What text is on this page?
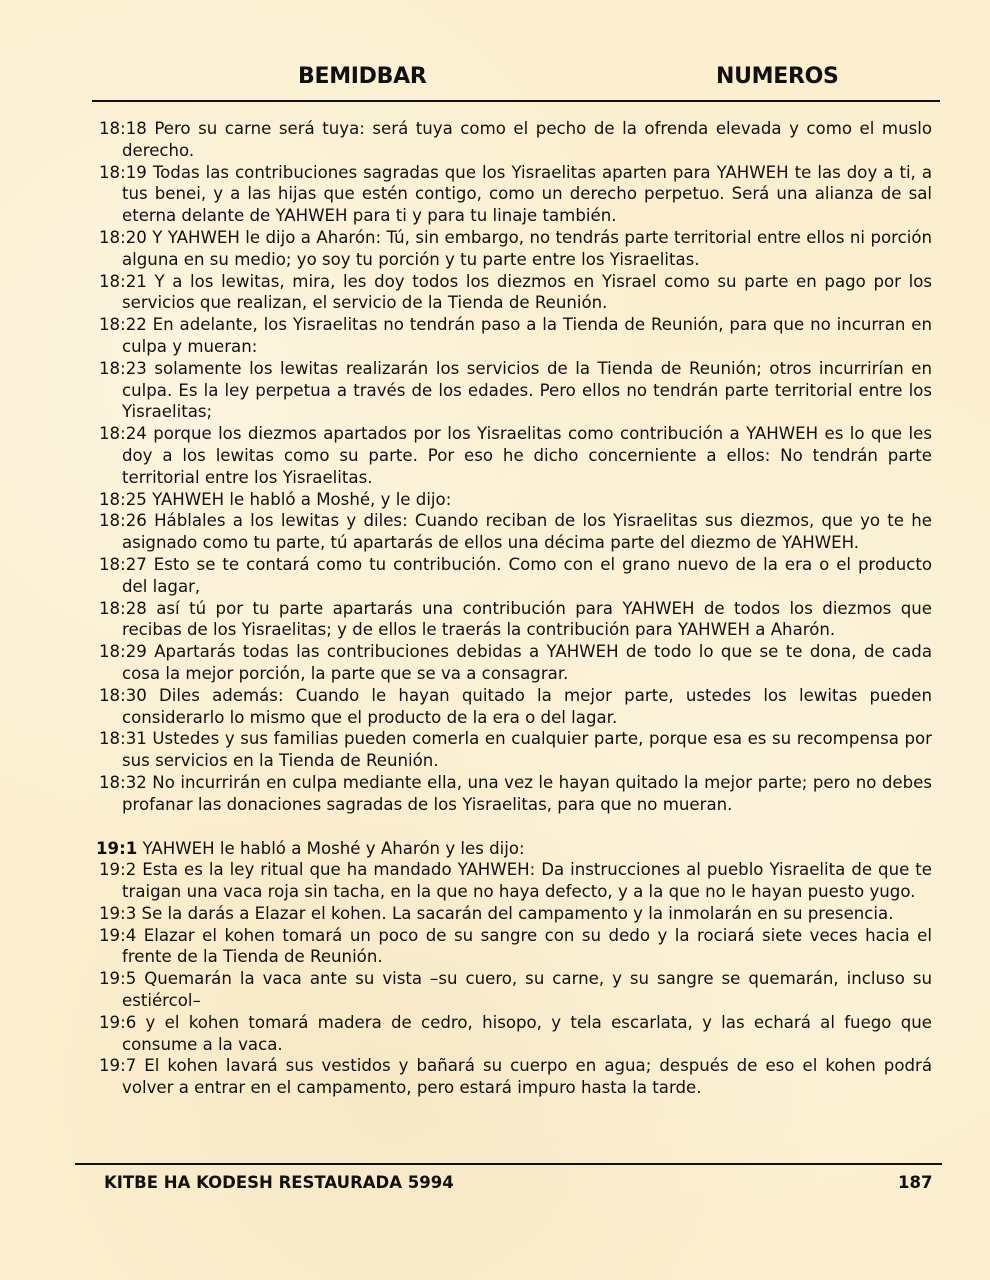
BEMIDBAR	NUMEROS

18:18 Pero su carne será tuya: será tuya como el pecho de la ofrenda elevada y como el muslo derecho.

18:19 Todas las contribuciones sagradas que los Yisraelitas aparten para YAHWEH te las doy a ti, a tus benei, y a las hijas que estén contigo, como un derecho perpetuo. Será una alianza de sal eterna delante de YAHWEH para ti y para tu linaje también.

18:20 Y YAHWEH le dijo a Aharón: Tú, sin embargo, no tendrás parte territorial entre ellos ni porción alguna en su medio; yo soy tu porción y tu parte entre los Yisraelitas.

18:21 Y a los lewitas, mira, les doy todos los diezmos en Yisrael como su parte en pago por los servicios que realizan, el servicio de la Tienda de Reunión.

18:22 En adelante, los Yisraelitas no tendrán paso a la Tienda de Reunión, para que no incurran en culpa y mueran:

18:23 solamente los lewitas realizarán los servicios de la Tienda de Reunión; otros incurrirían en culpa. Es la ley perpetua a través de los edades. Pero ellos no tendrán parte territorial entre los Yisraelitas;

18:24 porque los diezmos apartados por los Yisraelitas como contribución a YAHWEH es lo que les doy a los lewitas como su parte. Por eso he dicho concerniente a ellos: No tendrán parte territorial entre los Yisraelitas.

18:25 YAHWEH le habló a Moshé, y le dijo:

18:26 Háblales a los lewitas y diles: Cuando reciban de los Yisraelitas sus diezmos, que yo te he asignado como tu parte, tú apartarás de ellos una décima parte del diezmo de YAHWEH.

18:27 Esto se te contará como tu contribución. Como con el grano nuevo de la era o el producto del lagar,

18:28 así tú por tu parte apartarás una contribución para YAHWEH de todos los diezmos que recibas de los Yisraelitas; y de ellos le traerás la contribución para YAHWEH a Aharón.

18:29 Apartarás todas las contribuciones debidas a YAHWEH de todo lo que se te dona, de cada cosa la mejor porción, la parte que se va a consagrar.

18:30 Diles además: Cuando le hayan quitado la mejor parte, ustedes los lewitas pueden considerarlo lo mismo que el producto de la era o del lagar.

18:31 Ustedes y sus familias pueden comerla en cualquier parte, porque esa es su recompensa por sus servicios en la Tienda de Reunión.

18:32 No incurrirán en culpa mediante ella, una vez le hayan quitado la mejor parte; pero no debes profanar las donaciones sagradas de los Yisraelitas, para que no mueran.

19:1 YAHWEH le habló a Moshé y Aharón y les dijo:

19:2 Esta es la ley ritual que ha mandado YAHWEH: Da instrucciones al pueblo Yisraelita de que te traigan una vaca roja sin tacha, en la que no haya defecto, y a la que no le hayan puesto yugo.

19:3 Se la darás a Elazar el kohen. La sacarán del campamento y la inmolarán en su presencia.

19:4 Elazar el kohen tomará un poco de su sangre con su dedo y la rociará siete veces hacia el frente de la Tienda de Reunión.

19:5 Quemarán la vaca ante su vista –su cuero, su carne, y su sangre se quemarán, incluso su estiércol–

19:6 y el kohen tomará madera de cedro, hisopo, y tela escarlata, y las echará al fuego que consume a la vaca.

19:7 El kohen lavará sus vestidos y bañará su cuerpo en agua; después de eso el kohen podrá volver a entrar en el campamento, pero estará impuro hasta la tarde.

KITBE HA KODESH RESTAURADA 5994	187
